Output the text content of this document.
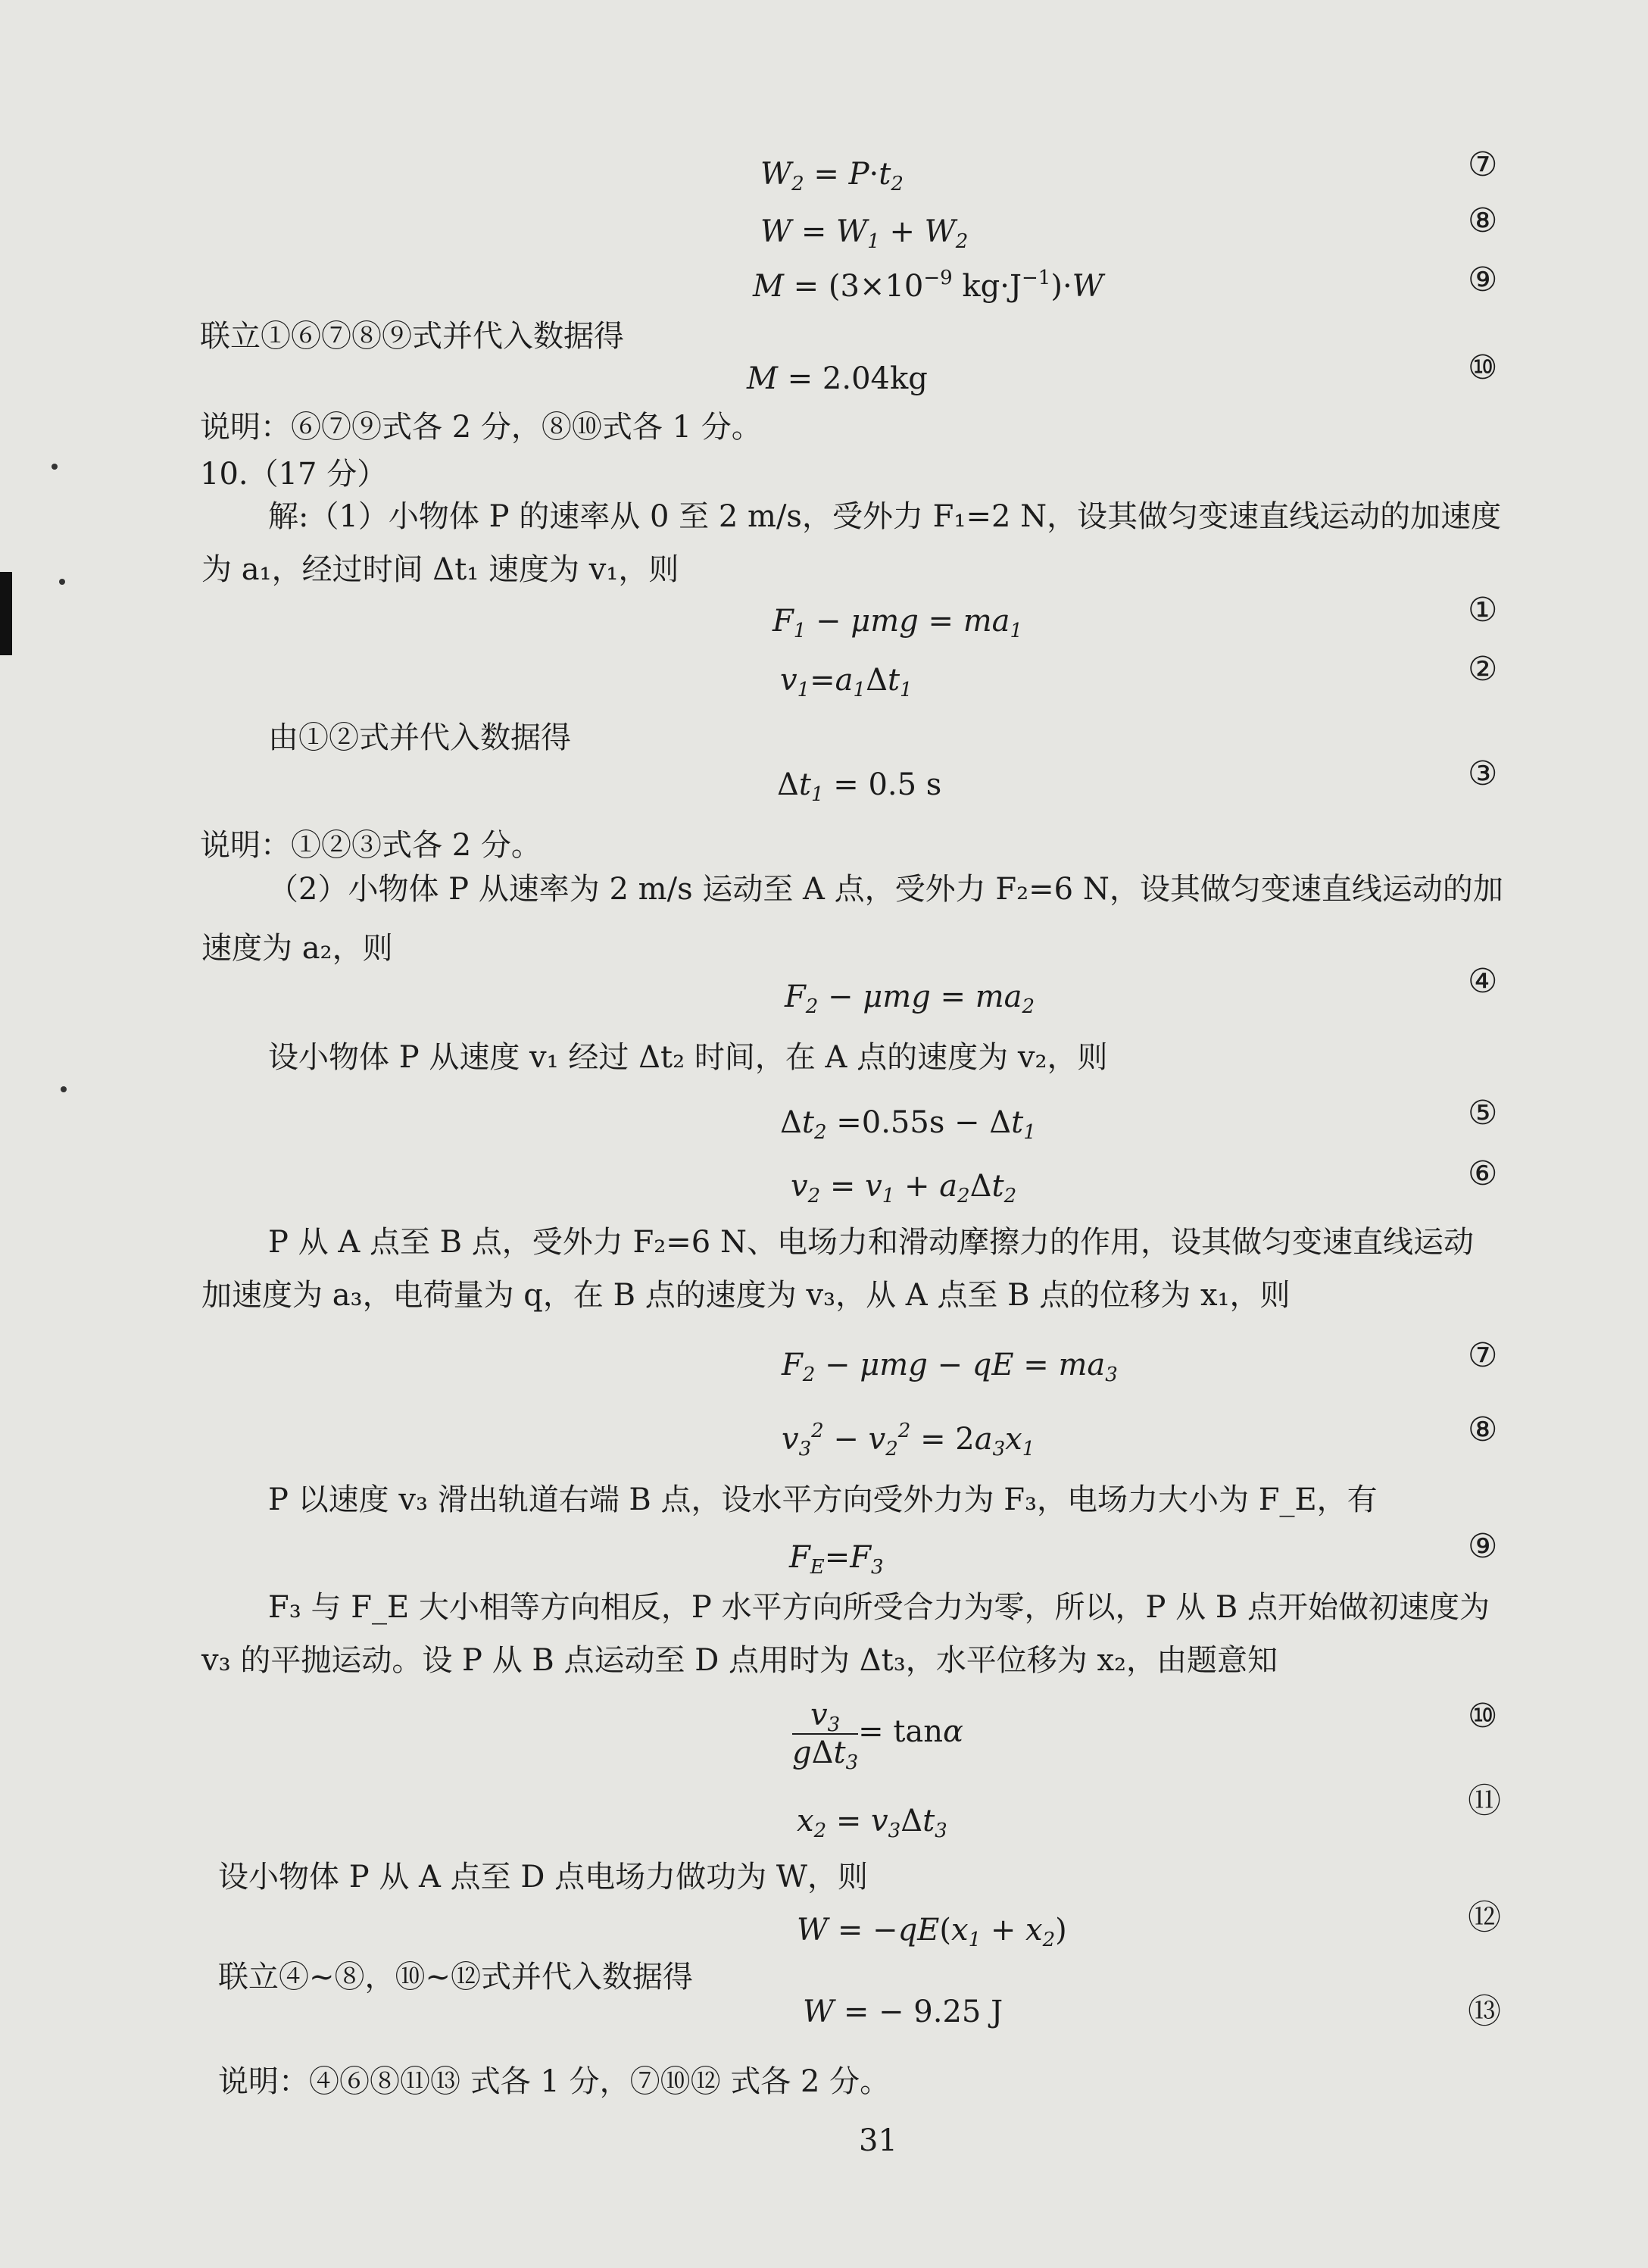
$W_2 = P\cdot t_2$	⑦
$W = W_1 + W_2$
⑧
$M = (3\times 10^{-9}$ $kg\cdot J^{-1})\cdot W$	⑨
联立①⑥⑦⑧⑨式并代入数据得
M = 2.04kg	⑩
说明：⑥⑦⑨式各 2 分，⑧⑩式各 1 分。
10.（17 分）
解:（1）小物体 P 的速率从 0 至 2 m/s，受外力 F₁=2 N，设其做匀变速直线运动的加速度
为 a₁，经过时间 Δt₁ 速度为 v₁，则
$F_1 - \mu mg = ma_1$
①
$v_1=a_1\Delta t_1$
②
由①②式并代入数据得
$\Delta t_1 = 0.5$ s	③
说明：①②③式各 2 分。
（2）小物体 P 从速率为 2 m/s 运动至 A 点，受外力 F₂=6 N，设其做匀变速直线运动的加
速度为 a₂，则
$F_2 - \mu mg = ma_2$
④
设小物体 P 从速度 v₁ 经过 Δt₂ 时间，在 A 点的速度为 v₂，则
$\Delta t_2 =0.55s - \Delta t_1$	⑤
$v_2 = v_1 + a_2\Delta t_2$
⑥
P 从 A 点至 B 点，受外力 F₂=6 N、电场力和滑动摩擦力的作用，设其做匀变速直线运动
加速度为 a₃，电荷量为 q，在 B 点的速度为 v₃，从 A 点至 B 点的位移为 x₁，则
$F_2 - \mu mg$ − qE = $ma_3$	⑦
$v_3^2 - v_2^2 = 2a_3x_1$	⑧
P 以速度 v₃ 滑出轨道右端 B 点，设水平方向受外力为 F₃，电场力大小为 F_E，有
$F_E=F_3$
⑨
F₃ 与 F_E 大小相等方向相反，P 水平方向所受合力为零，所以，P 从 B 点开始做初速度为
v₃ 的平抛运动。设 P 从 B 点运动至 D 点用时为 Δt₃，水平位移为 x₂，由题意知
$\frac{v_3}{g\Delta t_3} = \tan\alpha$	⑩
$x_2 = v_3\Delta t_3$
⑪
设小物体 P 从 A 点至 D 点电场力做功为 W，则
$W = -qE(x_1 + x_2)$	⑫
联立④~⑧，⑩~⑫式并代入数据得
W = − 9.25 J	⑬
说明：④⑥⑧⑪⑬ 式各 1 分，⑦⑩⑫ 式各 2 分。
31
